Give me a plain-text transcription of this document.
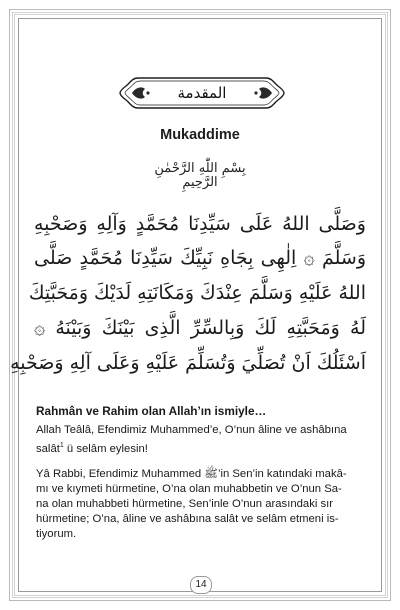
المقدمة
Mukaddime
بِسْمِ اللّٰهِ الرَّحْمٰنِ الرَّحِيمِ
وَصَلَّى اللهُ عَلَى سَيِّدِنَا مُحَمَّدٍ وَآلِهِ وَصَحْبِهِ
وَسَلَّمَ ۞ اِلٰهِى بِجَاهِ نَبِيِّكَ سَيِّدِنَا مُحَمَّدٍ صَلَّى
اللهُ عَلَيْهِ وَسَلَّمَ عِنْدَكَ وَمَكَانَتِهِ لَدَيْكَ وَمَحَبَّتِكَ
لَهُ وَمَحَبَّتِهِ لَكَ وَبِالسِّرِّ الَّذِى بَيْنَكَ وَبَيْنَهُ ۞
اَسْئَلُكَ اَنْ تُصَلِّيَ وَتُسَلِّمَ عَلَيْهِ وَعَلَى آلِهِ وَصَحْبِهِ
Rahmân ve Rahim olan Allah’ın ismiyle…
Allah Teâlâ, Efendimiz Muhammed’e, O’nun âline ve ashâbına
salât$^1$ ü selâm eylesin!
Yâ Rabbi, Efendimiz Muhammed ﷺ’in Sen’in katındaki makâ-
mı ve kıymeti hürmetine, O’na olan muhabbetin ve O’nun Sa-
na olan muhabbeti hürmetine, Sen’inle O’nun arasındaki sır
hürmetine; O’na, âline ve ashâbına salât ve selâm etmeni is-
tiyorum.
14
